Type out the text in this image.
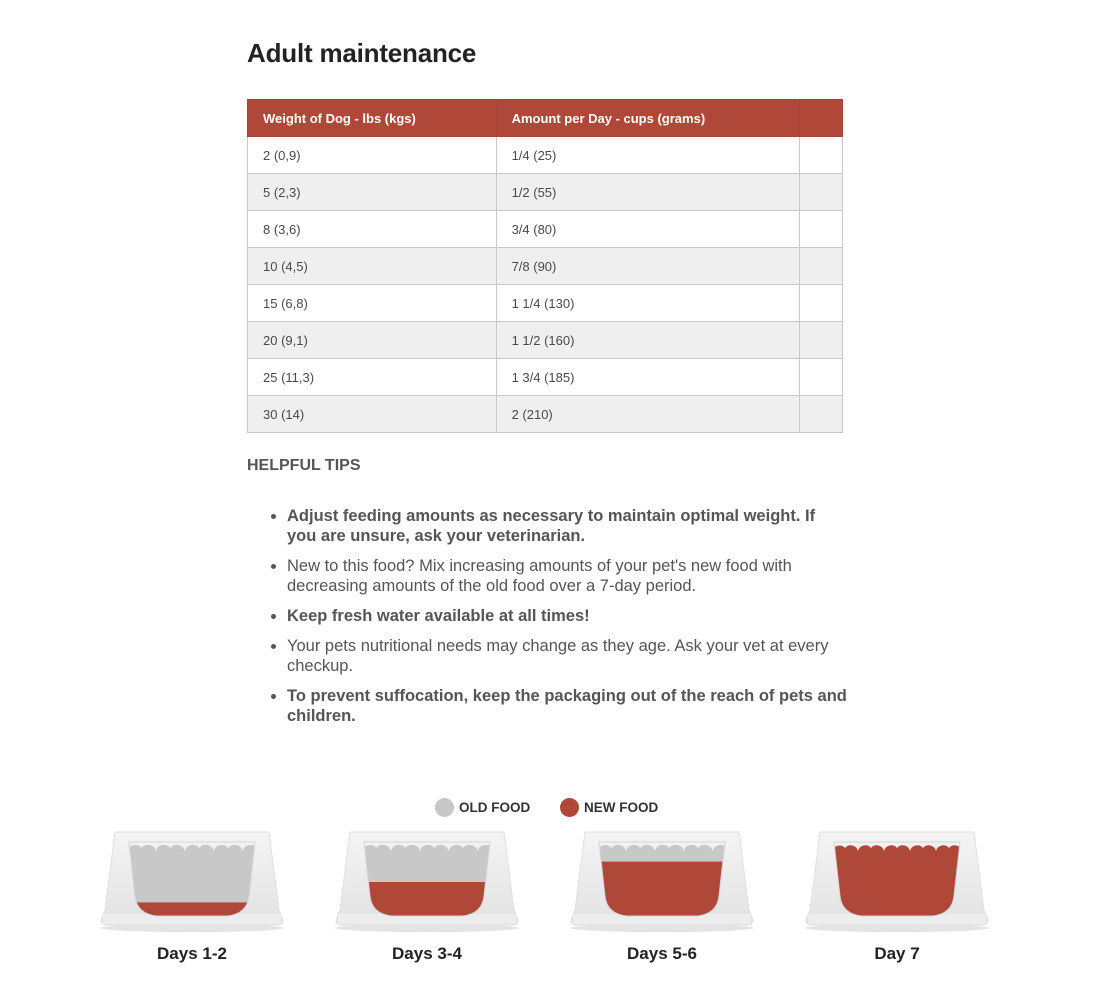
Adult maintenance
Weight of Dog - lbs (kgs)	Amount per Day - cups (grams)	
2 (0,9)	1/4 (25)	
5 (2,3)	1/2 (55)	
8 (3,6)	3/4 (80)	
10 (4,5)	7/8 (90)	
15 (6,8)	1 1/4 (130)	
20 (9,1)	1 1/2 (160)	
25 (11,3)	1 3/4 (185)	
30 (14)	2 (210)	
HELPFUL TIPS
• Adjust feeding amounts as necessary to maintain optimal weight. If you are unsure, ask your veterinarian.
• New to this food? Mix increasing amounts of your pet's new food with decreasing amounts of the old food over a 7-day period.
• Keep fresh water available at all times!
• Your pets nutritional needs may change as they age. Ask your vet at every checkup.
• To prevent suffocation, keep the packaging out of the reach of pets and children.
OLD FOOD	NEW FOOD
Days 1-2	Days 3-4	Days 5-6	Day 7
